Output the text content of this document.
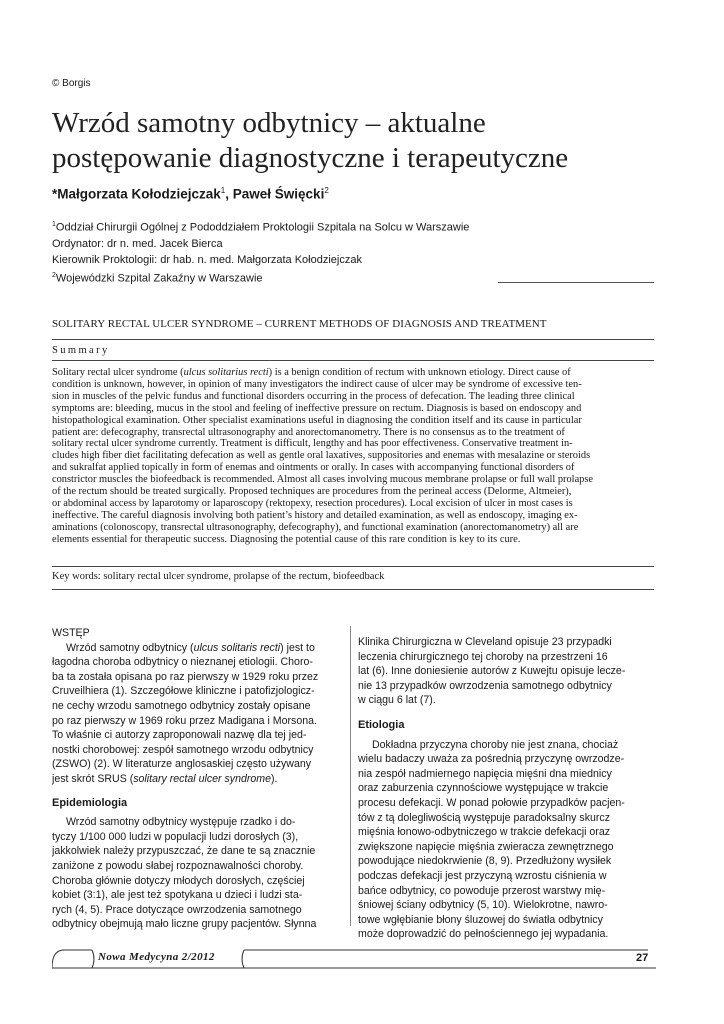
© Borgis
Wrzód samotny odbytnicy – aktualne
postępowanie diagnostyczne i terapeutyczne
*Małgorzata Kołodziejczak$^1$, Paweł Święcki$^2$
$^1$Oddział Chirurgii Ogólnej z Pododdziałem Proktologii Szpitala na Solcu w Warszawie
Ordynator: dr n. med. Jacek Bierca
Kierownik Proktologii: dr hab. n. med. Małgorzata Kołodziejczak
$^2$Wojewódzki Szpital Zakaźny w Warszawie
SOLITARY RECTAL ULCER SYNDROME – CURRENT METHODS OF DIAGNOSIS AND TREATMENT
Summary
Solitary rectal ulcer syndrome (ulcus solitarius recti) is a benign condition of rectum with unknown etiology. Direct cause of
condition is unknown, however, in opinion of many investigators the indirect cause of ulcer may be syndrome of excessive ten-
sion in muscles of the pelvic fundus and functional disorders occurring in the process of defecation. The leading three clinical
symptoms are: bleeding, mucus in the stool and feeling of ineffective pressure on rectum. Diagnosis is based on endoscopy and
histopathological examination. Other specialist examinations useful in diagnosing the condition itself and its cause in particular
patient are: defecography, transrectal ultrasonography and anorectomanometry. There is no consensus as to the treatment of
solitary rectal ulcer syndrome currently. Treatment is difficult, lengthy and has poor effectiveness. Conservative treatment in-
cludes high fiber diet facilitating defecation as well as gentle oral laxatives, suppositories and enemas with mesalazine or steroids
and sukralfat applied topically in form of enemas and ointments or orally. In cases with accompanying functional disorders of
constrictor muscles the biofeedback is recommended. Almost all cases involving mucous membrane prolapse or full wall prolapse
of the rectum should be treated surgically. Proposed techniques are procedures from the perineal access (Delorme, Altmeier),
or abdominal access by laparotomy or laparoscopy (rektopexy, resection procedures). Local excision of ulcer in most cases is
ineffective. The careful diagnosis involving both patient’s history and detailed examination, as well as endoscopy, imaging ex-
aminations (colonoscopy, transrectal ultrasonography, defecography), and functional examination (anorectomanometry) all are
elements essential for therapeutic success. Diagnosing the potential cause of this rare condition is key to its cure.
Key words: solitary rectal ulcer syndrome, prolapse of the rectum, biofeedback
WSTĘP
Wrzód samotny odbytnicy (ulcus solitaris recti) jest to
łagodna choroba odbytnicy o nieznanej etiologii. Choro-
ba ta została opisana po raz pierwszy w 1929 roku przez
Cruveilhiera (1). Szczegółowe kliniczne i patofizjologicz-
ne cechy wrzodu samotnego odbytnicy zostały opisane
po raz pierwszy w 1969 roku przez Madigana i Morsona.
To właśnie ci autorzy zaproponowali nazwę dla tej jed-
nostki chorobowej: zespół samotnego wrzodu odbytnicy
(ZSWO) (2). W literaturze anglosaskiej często używany
jest skrót SRUS (solitary rectal ulcer syndrome).
Epidemiologia
Wrzód samotny odbytnicy występuje rzadko i do-
tyczy 1/100 000 ludzi w populacji ludzi dorosłych (3),
jakkolwiek należy przypuszczać, że dane te są znacznie
zaniżone z powodu słabej rozpoznawalności choroby.
Choroba głównie dotyczy młodych dorosłych, częściej
kobiet (3:1), ale jest też spotykana u dzieci i ludzi sta-
rych (4, 5). Prace dotyczące owrzodzenia samotnego
odbytnicy obejmują mało liczne grupy pacjentów. Słynna
Klinika Chirurgiczna w Cleveland opisuje 23 przypadki
leczenia chirurgicznego tej choroby na przestrzeni 16
lat (6). Inne doniesienie autorów z Kuwejtu opisuje lecze-
nie 13 przypadków owrzodzenia samotnego odbytnicy
w ciągu 6 lat (7).
Etiologia
Dokładna przyczyna choroby nie jest znana, chociaż
wielu badaczy uważa za pośrednią przyczynę owrzodze-
nia zespół nadmiernego napięcia mięśni dna miednicy
oraz zaburzenia czynnościowe występujące w trakcie
procesu defekacji. W ponad połowie przypadków pacjen-
tów z tą dolegliwością występuje paradoksalny skurcz
mięśnia łonowo-odbytniczego w trakcie defekacji oraz
zwiększone napięcie mięśnia zwieracza zewnętrznego
powodujące niedokrwienie (8, 9). Przedłużony wysiłek
podczas defekacji jest przyczyną wzrostu ciśnienia w
bańce odbytnicy, co powoduje przerost warstwy mię-
śniowej ściany odbytnicy (5, 10). Wielokrotne, nawro-
towe wgłębianie błony śluzowej do światła odbytnicy
może doprowadzić do pełnościennego jej wypadania.
Nowa Medycyna 2/2012	27
